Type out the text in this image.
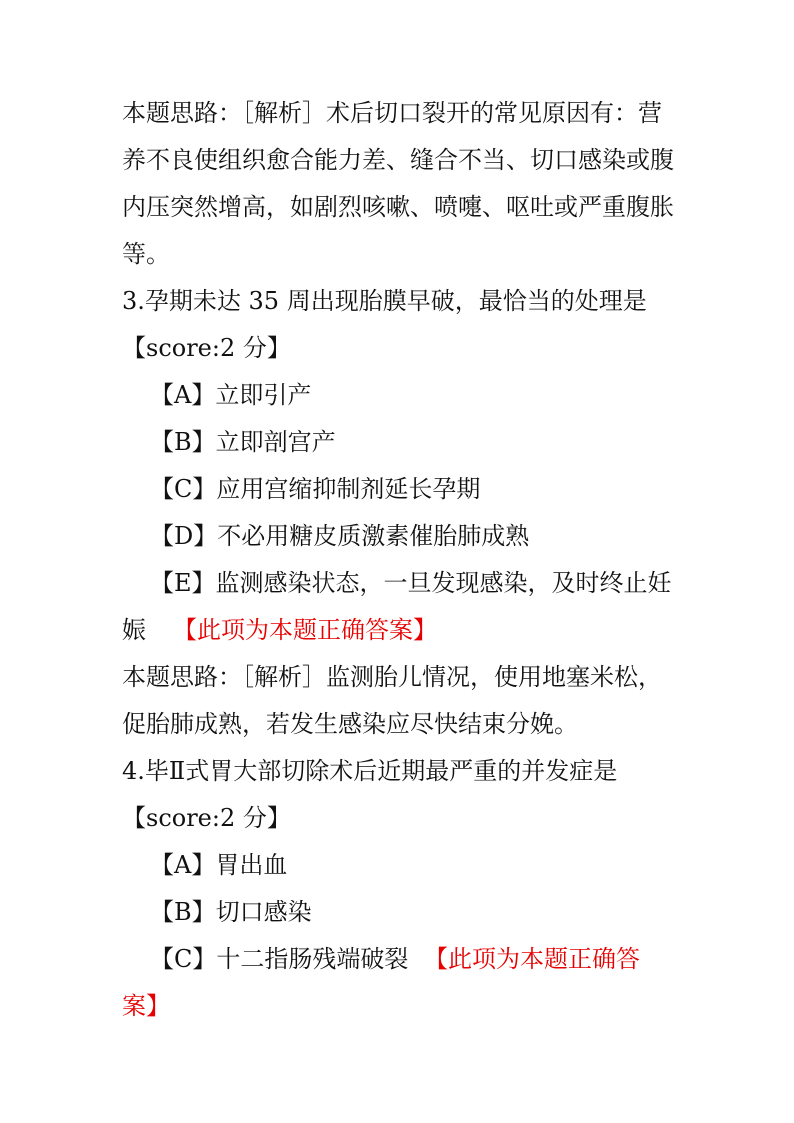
本题思路：［解析］术后切口裂开的常见原因有：营
养不良使组织愈合能力差、缝合不当、切口感染或腹
内压突然增高，如剧烈咳嗽、喷嚏、呕吐或严重腹胀
等。
3.孕期未达 35 周出现胎膜早破，最恰当的处理是
【score:2 分】
【A】立即引产
【B】立即剖宫产
【C】应用宫缩抑制剂延长孕期
【D】不必用糖皮质激素催胎肺成熟
【E】监测感染状态，一旦发现感染，及时终止妊
娠 【此项为本题正确答案】
本题思路：［解析］监测胎儿情况，使用地塞米松，
促胎肺成熟，若发生感染应尽快结束分娩。
4.毕Ⅱ式胃大部切除术后近期最严重的并发症是
【score:2 分】
【A】胃出血
【B】切口感染
【C】十二指肠残端破裂 【此项为本题正确答
案】
